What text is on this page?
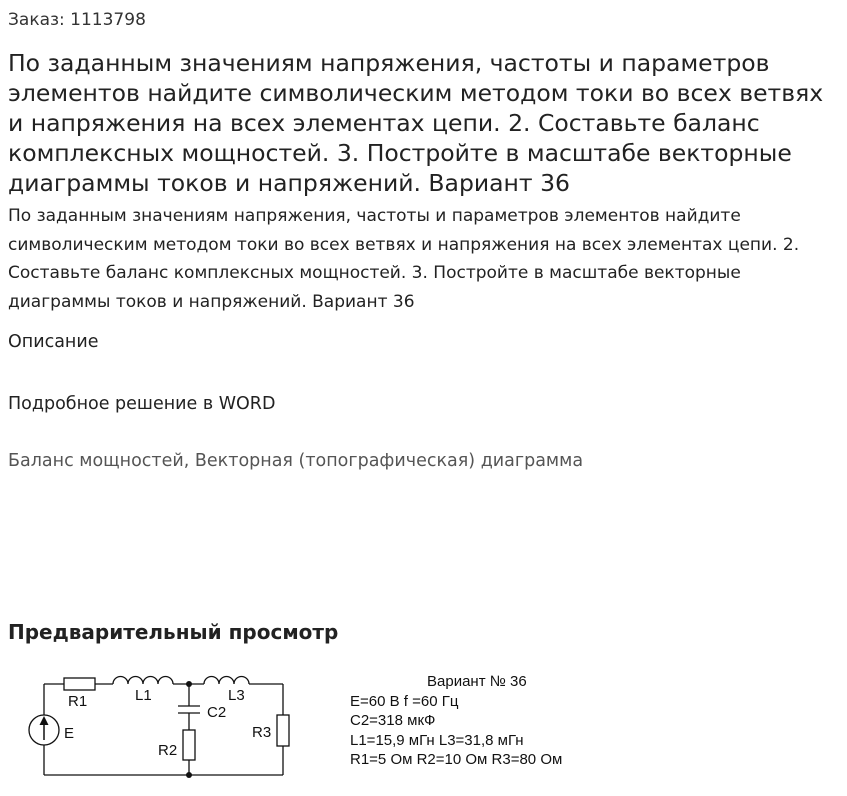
Заказ: 1113798
По заданным значениям напряжения, частоты и параметров элементов найдите символическим методом токи во всех ветвях и напряжения на всех элементах цепи. 2. Составьте баланс комплексных мощностей. 3. Постройте в масштабе векторные диаграммы токов и напряжений. Вариант 36

По заданным значениям напряжения, частоты и параметров элементов найдите символическим методом токи во всех ветвях и напряжения на всех элементах цепи. 2. Составьте баланс комплексных мощностей. 3. Постройте в масштабе векторные диаграммы токов и напряжений. Вариант 36

Описание
Подробное решение в WORD
Баланс мощностей, Векторная (топографическая) диаграмма
Предварительный просмотр
R1	L1
C2
L3
R2
R3
E
Вариант № 36
E=60 В f =60 Гц
C2=318 мкФ
L1=15,9 мГн L3=31,8 мГн
R1=5 Ом R2=10 Ом R3=80 Ом
